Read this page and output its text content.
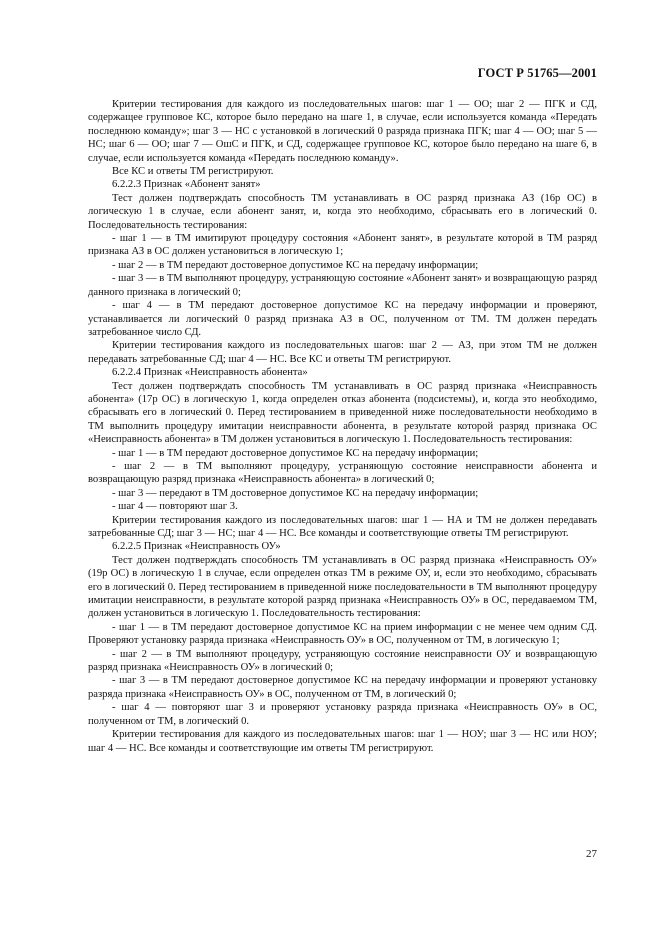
ГОСТ Р 51765—2001

Критерии тестирования для каждого из последовательных шагов: шаг 1 — ОО; шаг 2 — ПГК и СД, содержащее групповое КС, которое было передано на шаге 1, в случае, если используется команда «Передать последнюю команду»; шаг 3 — НС с установкой в логический 0 разряда признака ПГК; шаг 4 — ОО; шаг 5 — НС; шаг 6 — ОО; шаг 7 — ОшС и ПГК, и СД, содержащее групповое КС, которое было передано на шаге 6, в случае, если используется команда «Передать последнюю команду».

Все КС и ответы ТМ регистрируют.

6.2.2.3 Признак «Абонент занят»

Тест должен подтверждать способность ТМ устанавливать в ОС разряд признака АЗ (16р ОС) в логическую 1 в случае, если абонент занят, и, когда это необходимо, сбрасывать его в логический 0. Последовательность тестирования:

- шаг 1 — в ТМ имитируют процедуру состояния «Абонент занят», в результате которой в ТМ разряд признака АЗ в ОС должен установиться в логическую 1;

- шаг 2 — в ТМ передают достоверное допустимое КС на передачу информации;

- шаг 3 — в ТМ выполняют процедуру, устраняющую состояние «Абонент занят» и возвращающую разряд данного признака в логический 0;

- шаг 4 — в ТМ передают достоверное допустимое КС на передачу информации и проверяют, устанавливается ли логический 0 разряд признака АЗ в ОС, полученном от ТМ. ТМ должен передать затребованное число СД.

Критерии тестирования каждого из последовательных шагов: шаг 2 — АЗ, при этом ТМ не должен передавать затребованные СД; шаг 4 — НС. Все КС и ответы ТМ регистрируют.

6.2.2.4 Признак «Неисправность абонента»

Тест должен подтверждать способность ТМ устанавливать в ОС разряд признака «Неисправность абонента» (17р ОС) в логическую 1, когда определен отказ абонента (подсистемы), и, когда это необходимо, сбрасывать его в логический 0. Перед тестированием в приведенной ниже последовательности необходимо в ТМ выполнить процедуру имитации неисправности абонента, в результате которой разряд признака ОС «Неисправность абонента» в ТМ должен установиться в логическую 1. Последовательность тестирования:

- шаг 1 — в ТМ передают достоверное допустимое КС на передачу информации;

- шаг 2 — в ТМ выполняют процедуру, устраняющую состояние неисправности абонента и возвращающую разряд признака «Неисправность абонента» в логический 0;

- шаг 3 — передают в ТМ достоверное допустимое КС на передачу информации;

- шаг 4 — повторяют шаг 3.

Критерии тестирования каждого из последовательных шагов: шаг 1 — НА и ТМ не должен передавать затребованные СД; шаг 3 — НС; шаг 4 — НС. Все команды и соответствующие ответы ТМ регистрируют.

6.2.2.5 Признак «Неисправность ОУ»

Тест должен подтверждать способность ТМ устанавливать в ОС разряд признака «Неисправность ОУ» (19р ОС) в логическую 1 в случае, если определен отказ ТМ в режиме ОУ, и, если это необходимо, сбрасывать его в логический 0. Перед тестированием в приведенной ниже последовательности в ТМ выполняют процедуру имитации неисправности, в результате которой разряд признака «Неисправность ОУ» в ОС, передаваемом ТМ, должен установиться в логическую 1. Последовательность тестирования:

- шаг 1 — в ТМ передают достоверное допустимое КС на прием информации с не менее чем одним СД. Проверяют установку разряда признака «Неисправность ОУ» в ОС, полученном от ТМ, в логическую 1;

- шаг 2 — в ТМ выполняют процедуру, устраняющую состояние неисправности ОУ и возвращающую разряд признака «Неисправность ОУ» в логический 0;

- шаг 3 — в ТМ передают достоверное допустимое КС на передачу информации и проверяют установку разряда признака «Неисправность ОУ» в ОС, полученном от ТМ, в логический 0;

- шаг 4 — повторяют шаг 3 и проверяют установку разряда признака «Неисправность ОУ» в ОС, полученном от ТМ, в логический 0.

Критерии тестирования для каждого из последовательных шагов: шаг 1 — НОУ; шаг 3 — НС или НОУ; шаг 4 — НС. Все команды и соответствующие им ответы ТМ регистрируют.

27
